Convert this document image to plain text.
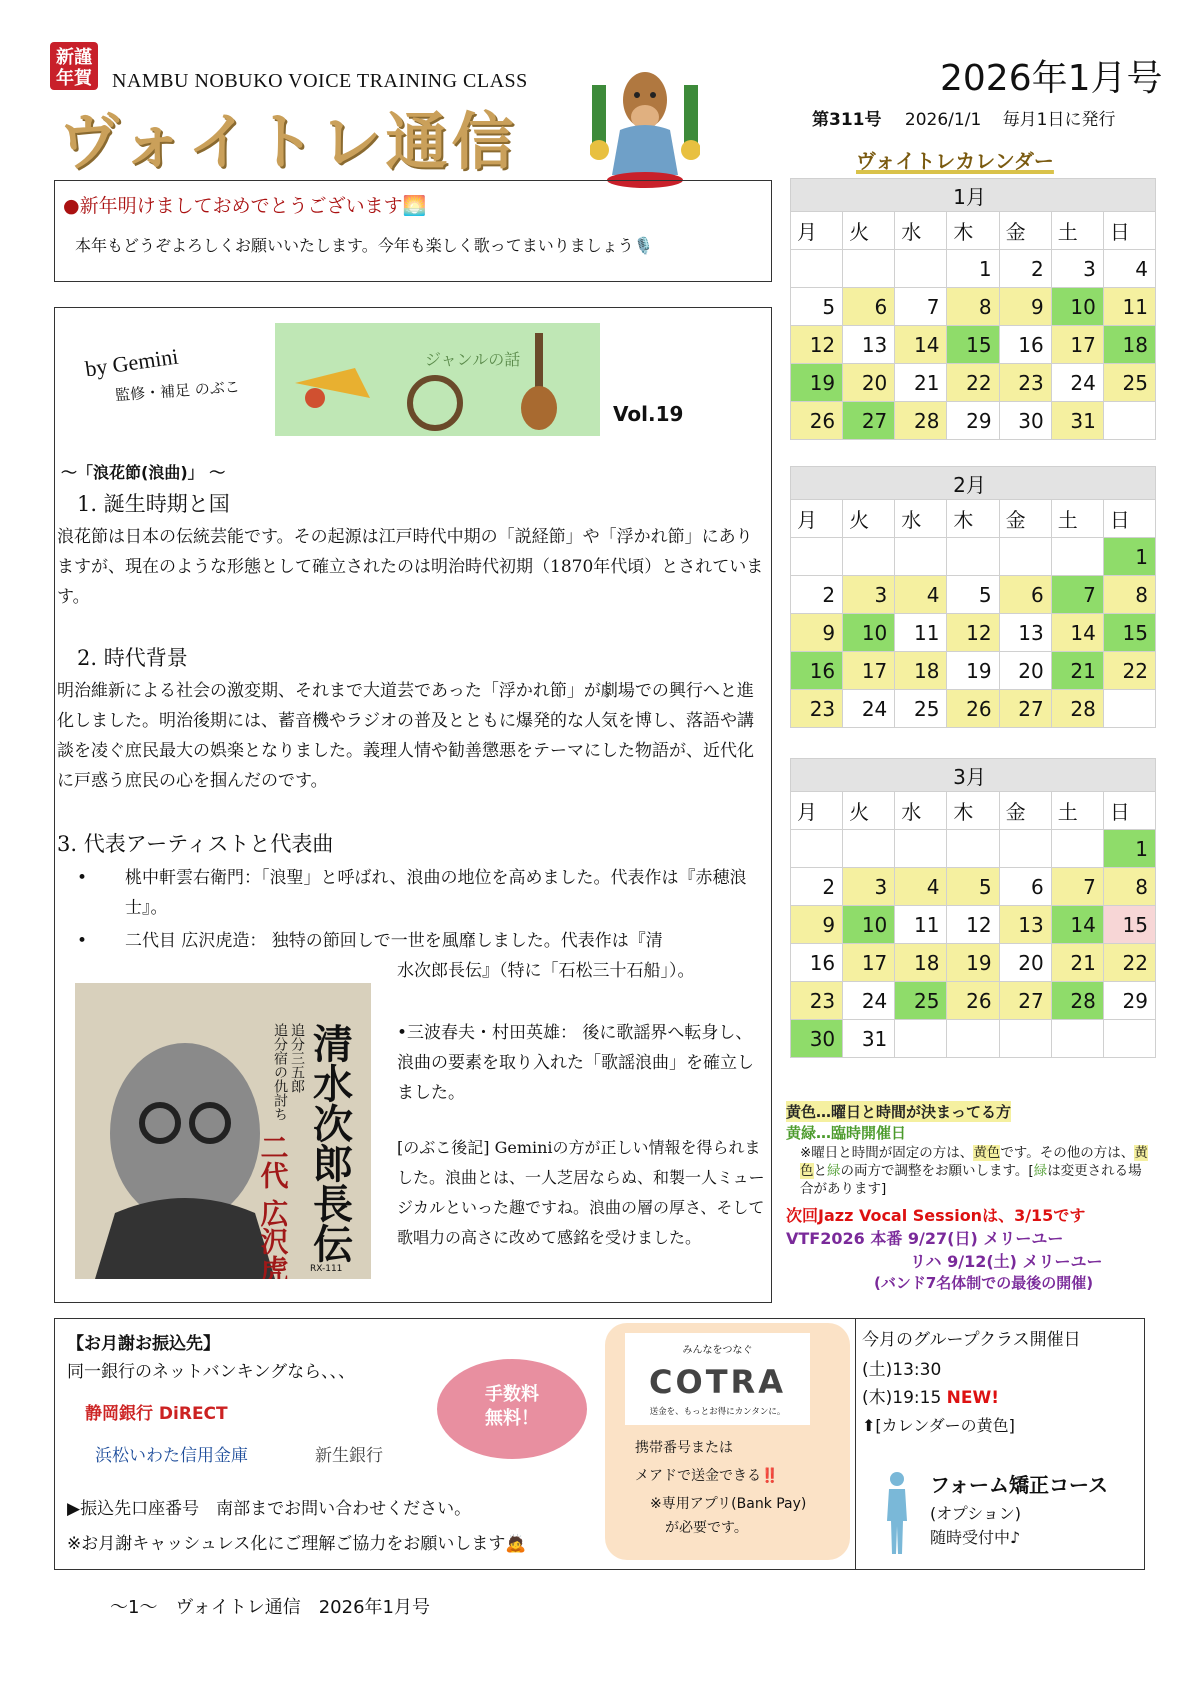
新謹
年賀 NAMBU NOBUKO VOICE TRAINING CLASS
ヴォイトレ通信
2026年1月号
第311号 2026/1/1 毎月1日に発行
●新年明けましておめでとうございます🌅
本年もどうぞよろしくお願いいたします。今年も楽しく歌ってまいりましょう🎙️
by Gemini
監修・補足 のぶこ
ジャンルの話
Vol.19
〜「浪花節(浪曲)」 〜
1. 誕生時期と国
浪花節は日本の伝統芸能です。その起源は江戸時代中期の「説経節」や「浮かれ節」にありますが、現在のような形態として確立されたのは明治時代初期（1870年代頃）とされています。
2. 時代背景
明治維新による社会の激変期、それまで大道芸であった「浮かれ節」が劇場での興行へと進化しました。明治後期には、蓄音機やラジオの普及とともに爆発的な人気を博し、落語や講談を凌ぐ庶民最大の娯楽となりました。義理人情や勧善懲悪をテーマにした物語が、近代化に戸惑う庶民の心を掴んだのです。
3. 代表アーティストと代表曲
• 桃中軒雲右衛門：「浪聖」と呼ばれ、浪曲の地位を高めました。代表作は『赤穂浪士』。
• 二代目 広沢虎造： 独特の節回しで一世を風靡しました。代表作は『清
水次郎長伝』（特に「石松三十石船」）。
•三波春夫・村田英雄： 後に歌謡界へ転身し、浪曲の要素を取り入れた「歌謡浪曲」を確立しました。
清水次郎長伝
追分三五郎
追分宿の仇討ち
二代 広沢虎造 RX-111
[のぶこ後記] Geminiの方が正しい情報を得られました。浪曲とは、一人芝居ならぬ、和製一人ミュージカルといった趣ですね。浪曲の層の厚さ、そして歌唱力の高さに改めて感銘を受けました。
ヴォイトレカレンダー
1月						
月	火	水	木	金	土	日
			1	2	3	4
5	6	7	8	9	10	11
12	13	14	15	16	17	18
19	20	21	22	23	24	25
26	27	28	29	30	31	
2月						
月	火	水	木	金	土	日
						1
2	3	4	5	6	7	8
9	10	11	12	13	14	15
16	17	18	19	20	21	22
23	24	25	26	27	28	
3月						
月	火	水	木	金	土	日
						1
2	3	4	5	6	7	8
9	10	11	12	13	14	15
16	17	18	19	20	21	22
23	24	25	26	27	28	29
30	31					
黄色…曜日と時間が決まってる方
黄緑…臨時開催日
※曜日と時間が固定の方は、黄色です。その他の方は、黄色と緑の両方で調整をお願いします。[緑は変更される場合があります]
次回Jazz Vocal Sessionは、3/15です
VTF2026 本番 9/27(日) メリーユー
リハ 9/12(土) メリーユー
(バンド7名体制での最後の開催)
【お月謝お振込先】
同一銀行のネットバンキングなら、、、
静岡銀行 DiRECT
浜松いわた信用金庫	新生銀行
手数料
無料！
▶振込先口座番号　南部までお問い合わせください。
※お月謝キャッシュレス化にご理解ご協力をお願いします🙇
みんなをつなぐ
COTRA
送金を、もっとお得にカンタンに。
携帯番号または
メアドで送金できる‼️
※専用アプリ(Bank Pay)
が必要です。
今月のグループクラス開催日
(土)13:30
(木)19:15 NEW!
⬆[カレンダーの黄色]
フォーム矯正コース
(オプション)
随時受付中♪
〜1〜　ヴォイトレ通信　2026年1月号
